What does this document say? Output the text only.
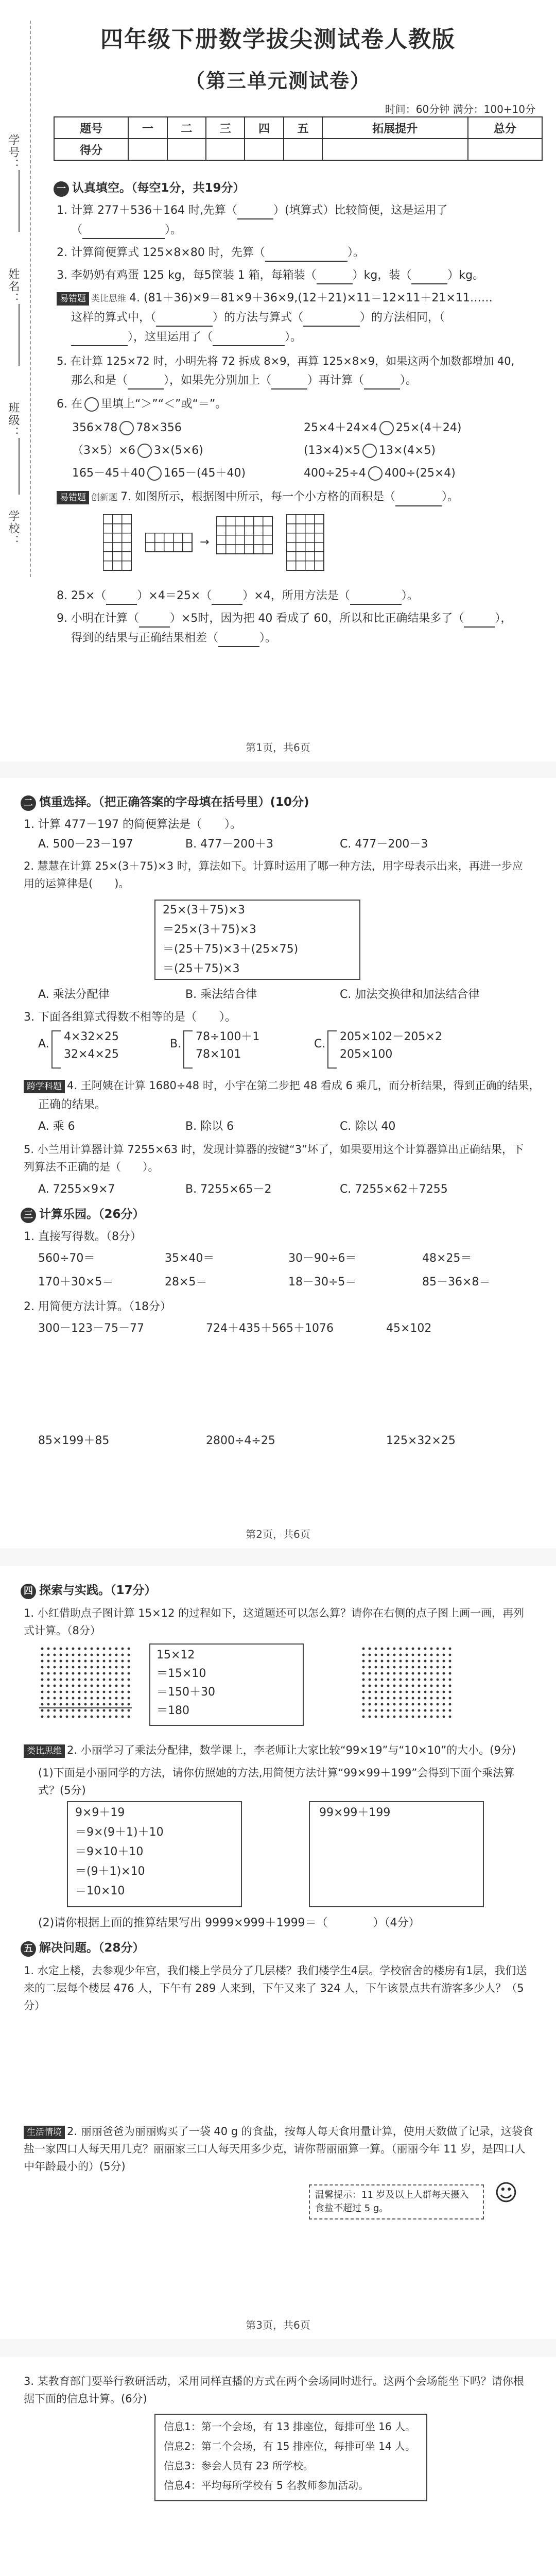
学号：
姓名：
班级：
学校：
四年级下册数学拔尖测试卷人教版
（第三单元测试卷）
时间：60分钟 满分：100+10分
题号	一	二	三	四	五	拓展提升	总分
得分							
一 认真填空。（每空1分，共19分）
1. 计算 277＋536＋164 时,先算（	）(填算式）比较简便，这是运用了
（	）。
2. 计算简便算式 125×8×80 时，先算（	）。
3. 李奶奶有鸡蛋 125 kg，每5筐装 1 箱，每箱装（	）kg，装（	）kg。
易错题 类比思维 4. (81＋36)×9＝81×9＋36×9,(12＋21)×11＝12×11＋21×11……
这样的算式中，（	）的方法与算式（	）的方法相同，（
），这里运用了（	）。
5. 在计算 125×72 时，小明先将 72 拆成 8×9，再算 125×8×9，如果这两个加数都增加 40,
那么和是（	），如果先分别加上（	）再计算（	）。
6. 在 里填上“＞”“＜”或“＝”。
356×78 78×356	25×4＋24×4 25×(4＋24)
（3×5）×6 3×(5×6)	(13×4)×5 13×(4×5)
165－45＋40 165－(45＋40)	400÷25÷4 400÷(25×4)
易错题 创新题 7. 如图所示，根据图中所示，每一个小方格的面积是（	）。
→
8. 25×（	）×4＝25×（	）×4，所用方法是（	）。
9. 小明在计算（	）×5时，因为把 40 看成了 60，所以和比正确结果多了（	），
得到的结果与正确结果相差（	）。
第1页，共6页
二 慎重选择。（把正确答案的字母填在括号里）(10分)
1. 计算 477－197 的简便算法是（　　）。
A. 500－23－197	B. 477－200＋3	C. 477－200－3
2. 慧慧在计算 25×(3＋75)×3 时，算法如下。计算时运用了哪一种方法，用字母表示出来，再进一步应用的运算律是(　　)。
25×(3＋75)×3
＝25×(3＋75)×3
＝(25＋75)×3＋(25×75)
＝(25＋75)×3
A. 乘法分配律	B. 乘法结合律	C. 加法交换律和加法结合律
3. 下面各组算式得数不相等的是（　　）。
A.
4×32×25
32×4×25
B.
78÷100＋1
78×101
C.
205×102－205×2
205×100
跨学科题 4. 王阿姨在计算 1680÷48 时，小宇在第二步把 48 看成 6 乘几，而分析结果，得到正确的结果，
正确的结果。
A. 乘 6	B. 除以 6	C. 除以 40
5. 小兰用计算器计算 7255×63 时，发现计算器的按键“3”坏了，如果要用这个计算器算出正确结果，下列算法不正确的是（　　）。
A. 7255×9×7	B. 7255×65－2	C. 7255×62＋7255
三 计算乐园。（26分）
1. 直接写得数。（8分）
560÷70＝	35×40＝	30－90÷6＝	48×25＝
170＋30×5＝	28×5＝	18－30÷5＝	85－36×8＝
2. 用简便方法计算。（18分）
300－123－75－77	724＋435＋565＋1076	45×102
85×199＋85	2800÷4÷25	125×32×25
第2页，共6页
四 探索与实践。（17分）
1. 小红借助点子图计算 15×12 的过程如下，这道题还可以怎么算？请你在右侧的点子图上画一画，再列式计算。（8分）
15×12
＝15×10
＝150＋30
＝180
类比思维 2. 小丽学习了乘法分配律，数学课上，李老师让大家比较“99×19”与“10×10”的大小。(9分)
(1)下面是小丽同学的方法，请你仿照她的方法,用简便方法计算“99×99＋199”会得到下面个乘法算式？(5分)
9×9＋19
＝9×(9＋1)＋10
＝9×10＋10
＝(9＋1)×10
＝10×10
99×99＋199
(2)请你根据上面的推算结果写出 9999×999＋1999＝（　　　　）（4分）
五 解决问题。（28分）
1. 水定上楼，去参观少年宫，我们楼上学员分了几层楼？我们楼学生4层。学校宿舍的楼房有1层，我们送来的二层每个楼层 476 人，下午有 289 人来到，下午又来了 324 人，下午该景点共有游客多少人？（5分）
生活情境 2. 丽丽爸爸为丽丽购买了一袋 40 g 的食盐，按每人每天食用量计算，使用天数做了记录，这袋食盐一家四口人每天用几克？丽丽家三口人每天用多少克，请你帮丽丽算一算。（丽丽今年 11 岁，是四口人中年龄最小的）(5分)
温馨提示：11 岁及以上人群每天摄入食盐不超过 5 g。
☺
第3页，共6页
3. 某教育部门要举行教研活动，采用同样直播的方式在两个会场同时进行。这两个会场能坐下吗？请你根据下面的信息计算。(6分)
信息1：第一个会场，有 13 排座位，每排可坐 16 人。
信息2：第二个会场，有 15 排座位，每排可坐 14 人。
信息3：参会人员有 23 所学校。
信息4：平均每所学校有 5 名教师参加活动。
